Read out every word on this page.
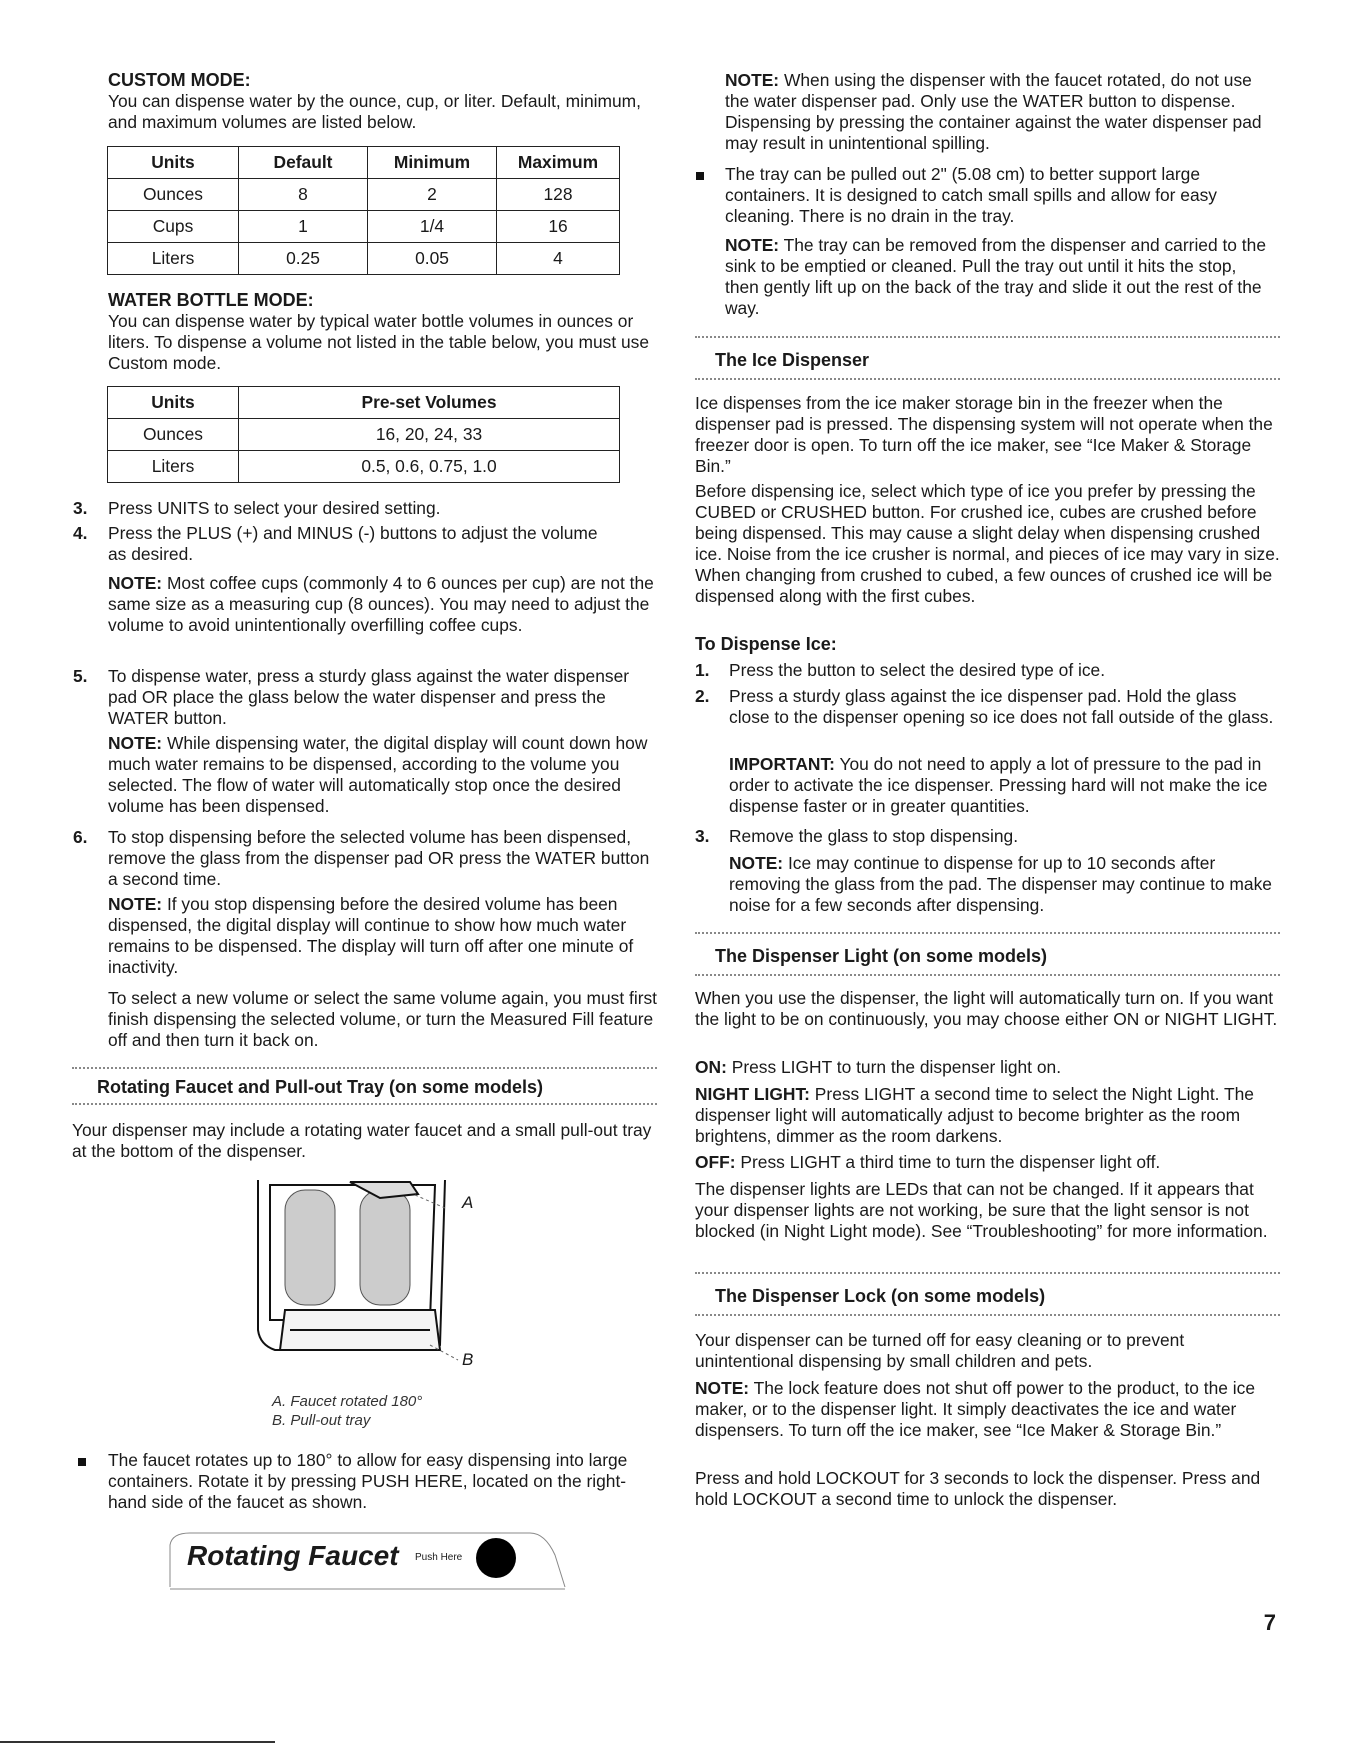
CUSTOM MODE:

You can dispense water by the ounce, cup, or liter. Default, minimum, and maximum volumes are listed below.

Units	Default	Minimum	Maximum
Ounces	8	2	128
Cups	1	1/4	16
Liters	0.25	0.05	4

WATER BOTTLE MODE:

You can dispense water by typical water bottle volumes in ounces or liters. To dispense a volume not listed in the table below, you must use Custom mode.

Units	Pre-set Volumes
Ounces	16, 20, 24, 33
Liters	0.5, 0.6, 0.75, 1.0
3. Press UNITS to select your desired setting.

4. Press the PLUS (+) and MINUS (-) buttons to adjust the volume as desired.

NOTE: Most coffee cups (commonly 4 to 6 ounces per cup) are not the same size as a measuring cup (8 ounces). You may need to adjust the volume to avoid unintentionally overfilling coffee cups.

5. To dispense water, press a sturdy glass against the water dispenser pad OR place the glass below the water dispenser and press the WATER button.

NOTE: While dispensing water, the digital display will count down how much water remains to be dispensed, according to the volume you selected. The flow of water will automatically stop once the desired volume has been dispensed.

6. To stop dispensing before the selected volume has been dispensed, remove the glass from the dispenser pad OR press the WATER button a second time.

NOTE: If you stop dispensing before the desired volume has been dispensed, the digital display will continue to show how much water remains to be dispensed. The display will turn off after one minute of inactivity.

To select a new volume or select the same volume again, you must first finish dispensing the selected volume, or turn the Measured Fill feature off and then turn it back on.

Rotating Faucet and Pull-out Tray (on some models)

Your dispenser may include a rotating water faucet and a small pull-out tray at the bottom of the dispenser.

A
B
A. Faucet rotated 180°
B. Pull-out tray

The faucet rotates up to 180° to allow for easy dispensing into large containers. Rotate it by pressing PUSH HERE, located on the right-hand side of the faucet as shown.

Rotating Faucet Push Here

NOTE: When using the dispenser with the faucet rotated, do not use the water dispenser pad. Only use the WATER button to dispense. Dispensing by pressing the container against the water dispenser pad may result in unintentional spilling.

The tray can be pulled out 2" (5.08 cm) to better support large containers. It is designed to catch small spills and allow for easy cleaning. There is no drain in the tray.

NOTE: The tray can be removed from the dispenser and carried to the sink to be emptied or cleaned. Pull the tray out until it hits the stop, then gently lift up on the back of the tray and slide it out the rest of the way.

The Ice Dispenser

Ice dispenses from the ice maker storage bin in the freezer when the dispenser pad is pressed. The dispensing system will not operate when the freezer door is open. To turn off the ice maker, see “Ice Maker & Storage Bin.”

Before dispensing ice, select which type of ice you prefer by pressing the CUBED or CRUSHED button. For crushed ice, cubes are crushed before being dispensed. This may cause a slight delay when dispensing crushed ice. Noise from the ice crusher is normal, and pieces of ice may vary in size. When changing from crushed to cubed, a few ounces of crushed ice will be dispensed along with the first cubes.

To Dispense Ice:

1. Press the button to select the desired type of ice.

2. Press a sturdy glass against the ice dispenser pad. Hold the glass close to the dispenser opening so ice does not fall outside of the glass.

IMPORTANT: You do not need to apply a lot of pressure to the pad in order to activate the ice dispenser. Pressing hard will not make the ice dispense faster or in greater quantities.

3. Remove the glass to stop dispensing.

NOTE: Ice may continue to dispense for up to 10 seconds after removing the glass from the pad. The dispenser may continue to make noise for a few seconds after dispensing.

The Dispenser Light (on some models)

When you use the dispenser, the light will automatically turn on. If you want the light to be on continuously, you may choose either ON or NIGHT LIGHT.

ON: Press LIGHT to turn the dispenser light on.

NIGHT LIGHT: Press LIGHT a second time to select the Night Light. The dispenser light will automatically adjust to become brighter as the room brightens, dimmer as the room darkens.

OFF: Press LIGHT a third time to turn the dispenser light off.

The dispenser lights are LEDs that can not be changed. If it appears that your dispenser lights are not working, be sure that the light sensor is not blocked (in Night Light mode). See “Troubleshooting” for more information.

The Dispenser Lock (on some models)

Your dispenser can be turned off for easy cleaning or to prevent unintentional dispensing by small children and pets.

NOTE: The lock feature does not shut off power to the product, to the ice maker, or to the dispenser light. It simply deactivates the ice and water dispensers. To turn off the ice maker, see “Ice Maker & Storage Bin.”

Press and hold LOCKOUT for 3 seconds to lock the dispenser. Press and hold LOCKOUT a second time to unlock the dispenser.

7
